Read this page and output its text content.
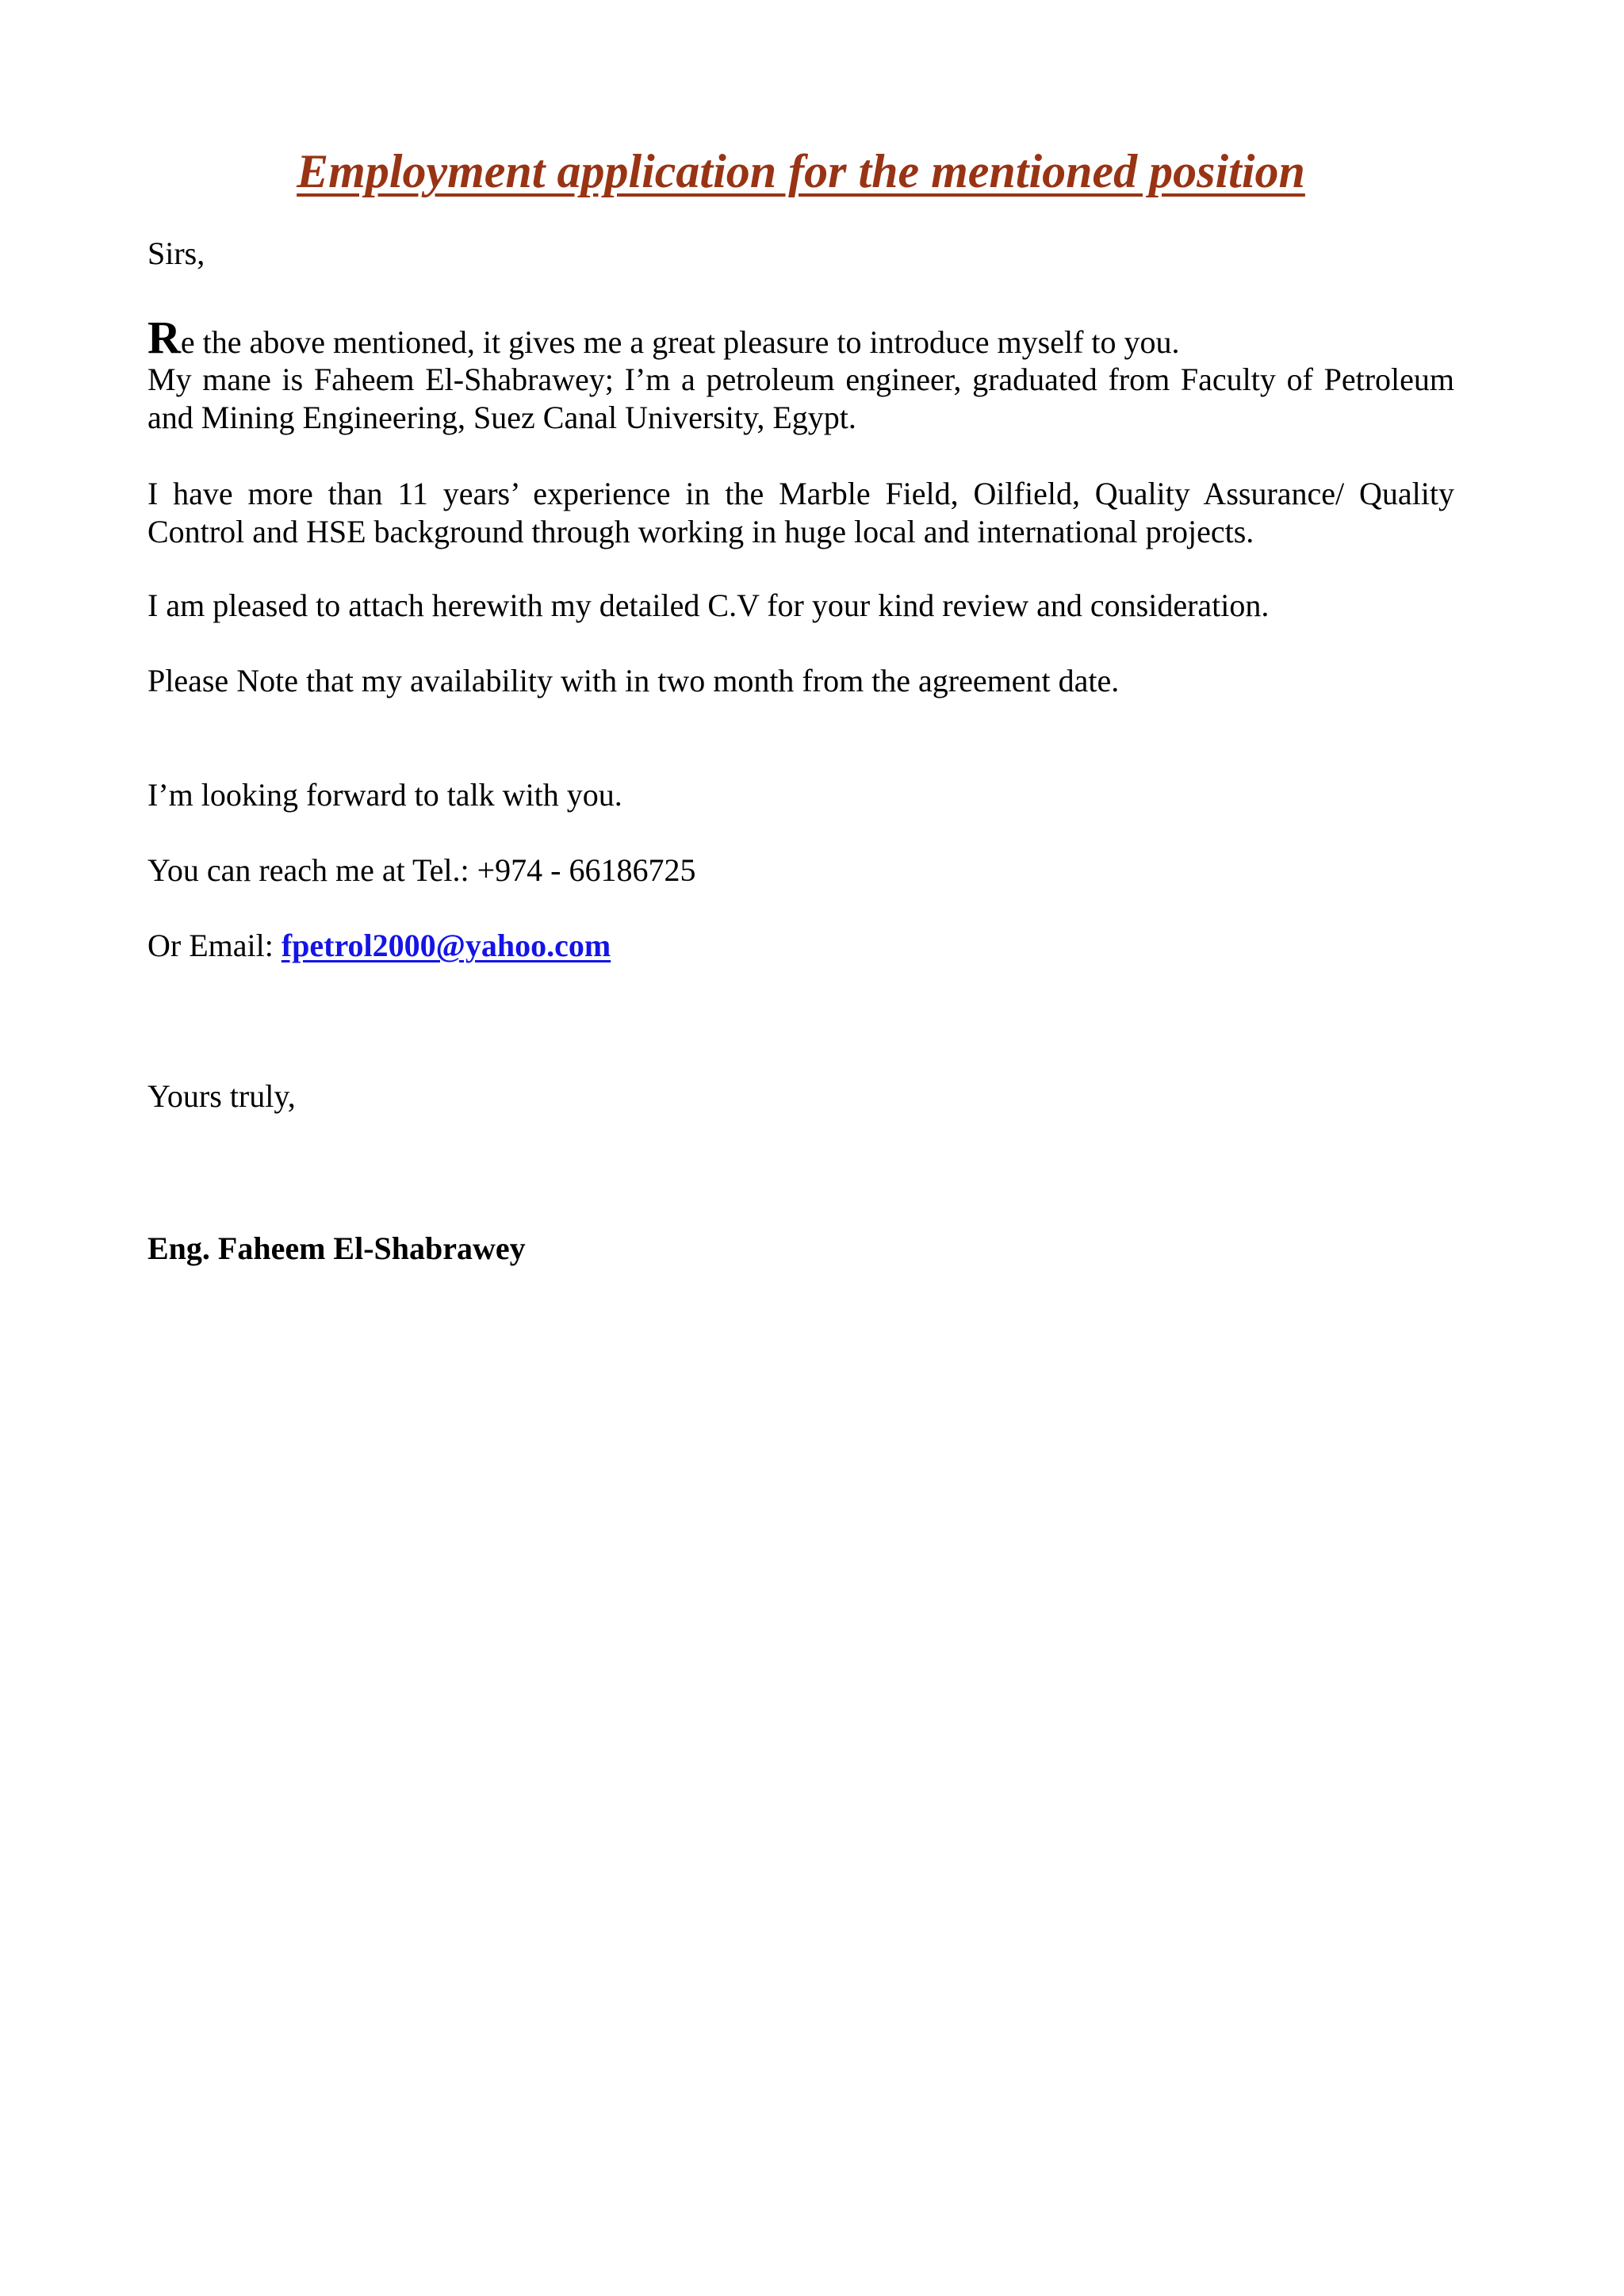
Employment application for the mentioned position

Sirs,

Re the above mentioned, it gives me a great pleasure to introduce myself to you.

My mane is Faheem El-Shabrawey; I’m a petroleum engineer, graduated from Faculty of Petroleum and Mining Engineering, Suez Canal University, Egypt.

I have more than 11 years’ experience in the Marble Field, Oilfield, Quality Assurance/ Quality Control and HSE background through working in huge local and international projects.

I am pleased to attach herewith my detailed C.V for your kind review and consideration.

Please Note that my availability with in two month from the agreement date.

I’m looking forward to talk with you.

You can reach me at Tel.: +974 - 66186725

Or Email: fpetrol2000@yahoo.com

Yours truly,

Eng. Faheem El-Shabrawey
